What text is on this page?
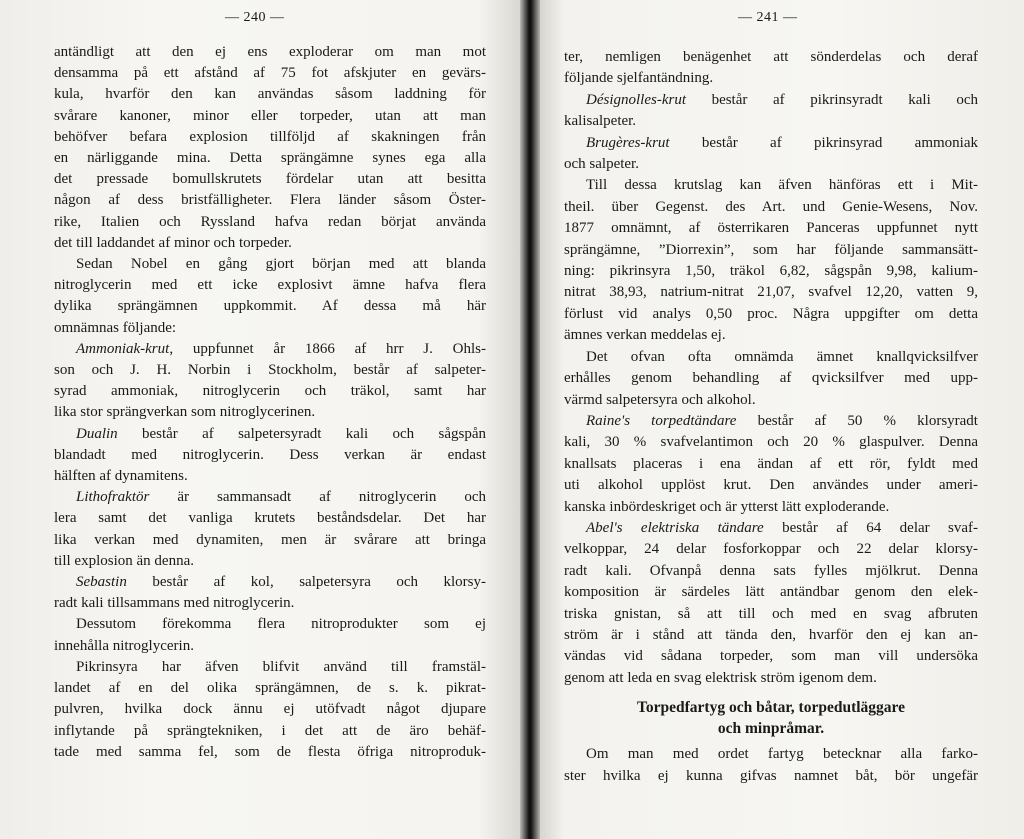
— 240 —
antändligt att den ej ens exploderar om man mot
densamma på ett afstånd af 75 fot afskjuter en gevärs-
kula, hvarför den kan användas såsom laddning för
svårare kanoner, minor eller torpeder, utan att man
behöfver befara explosion tillföljd af skakningen från
en närliggande mina. Detta sprängämne synes ega alla
det pressade bomullskrutets fördelar utan att besitta
någon af dess bristfälligheter. Flera länder såsom Öster-
rike, Italien och Ryssland hafva redan börjat använda
det till laddandet af minor och torpeder.
Sedan Nobel en gång gjort början med att blanda
nitroglycerin med ett icke explosivt ämne hafva flera
dylika sprängämnen uppkommit. Af dessa må här
omnämnas följande:
Ammoniak-krut, uppfunnet år 1866 af hrr J. Ohls-
son och J. H. Norbin i Stockholm, består af salpeter-
syrad ammoniak, nitroglycerin och träkol, samt har
lika stor sprängverkan som nitroglycerinen.
Dualin består af salpetersyradt kali och sågspån
blandadt med nitroglycerin. Dess verkan är endast
hälften af dynamitens.
Lithofraktör är sammansadt af nitroglycerin och
lera samt det vanliga krutets beståndsdelar. Det har
lika verkan med dynamiten, men är svårare att bringa
till explosion än denna.
Sebastin består af kol, salpetersyra och klorsy-
radt kali tillsammans med nitroglycerin.
Dessutom förekomma flera nitroprodukter som ej
innehålla nitroglycerin.
Pikrinsyra har äfven blifvit använd till framstäl-
landet af en del olika sprängämnen, de s. k. pikrat-
pulvren, hvilka dock ännu ej utöfvadt något djupare
inflytande på sprängtekniken, i det att de äro behäf-
tade med samma fel, som de flesta öfriga nitroproduk-
— 241 —
ter, nemligen benägenhet att sönderdelas och deraf
följande sjelfantändning.
Désignolles-krut består af pikrinsyradt kali och
kalisalpeter.
Brugères-krut består af pikrinsyrad ammoniak
och salpeter.
Till dessa krutslag kan äfven hänföras ett i Mit-
theil. über Gegenst. des Art. und Genie-Wesens, Nov.
1877 omnämnt, af österrikaren Panceras uppfunnet nytt
sprängämne, ”Diorrexin”, som har följande sammansätt-
ning: pikrinsyra 1,50, träkol 6,82, sågspån 9,98, kalium-
nitrat 38,93, natrium-nitrat 21,07, svafvel 12,20, vatten 9,
förlust vid analys 0,50 proc. Några uppgifter om detta
ämnes verkan meddelas ej.
Det ofvan ofta omnämda ämnet knallqvicksilfver
erhålles genom behandling af qvicksilfver med upp-
värmd salpetersyra och alkohol.
Raine's torpedtändare består af 50 % klorsyradt
kali, 30 % svafvelantimon och 20 % glaspulver. Denna
knallsats placeras i ena ändan af ett rör, fyldt med
uti alkohol upplöst krut. Den användes under ameri-
kanska inbördeskriget och är ytterst lätt exploderande.
Abel's elektriska tändare består af 64 delar svaf-
velkoppar, 24 delar fosforkoppar och 22 delar klorsy-
radt kali. Ofvanpå denna sats fylles mjölkrut. Denna
komposition är särdeles lätt antändbar genom den elek-
triska gnistan, så att till och med en svag afbruten
ström är i stånd att tända den, hvarför den ej kan an-
vändas vid sådana torpeder, som man vill undersöka
genom att leda en svag elektrisk ström igenom dem.
Torpedfartyg och båtar, torpedutläggare
och minpråmar.
Om man med ordet fartyg betecknar alla farko-
ster hvilka ej kunna gifvas namnet båt, bör ungefär
